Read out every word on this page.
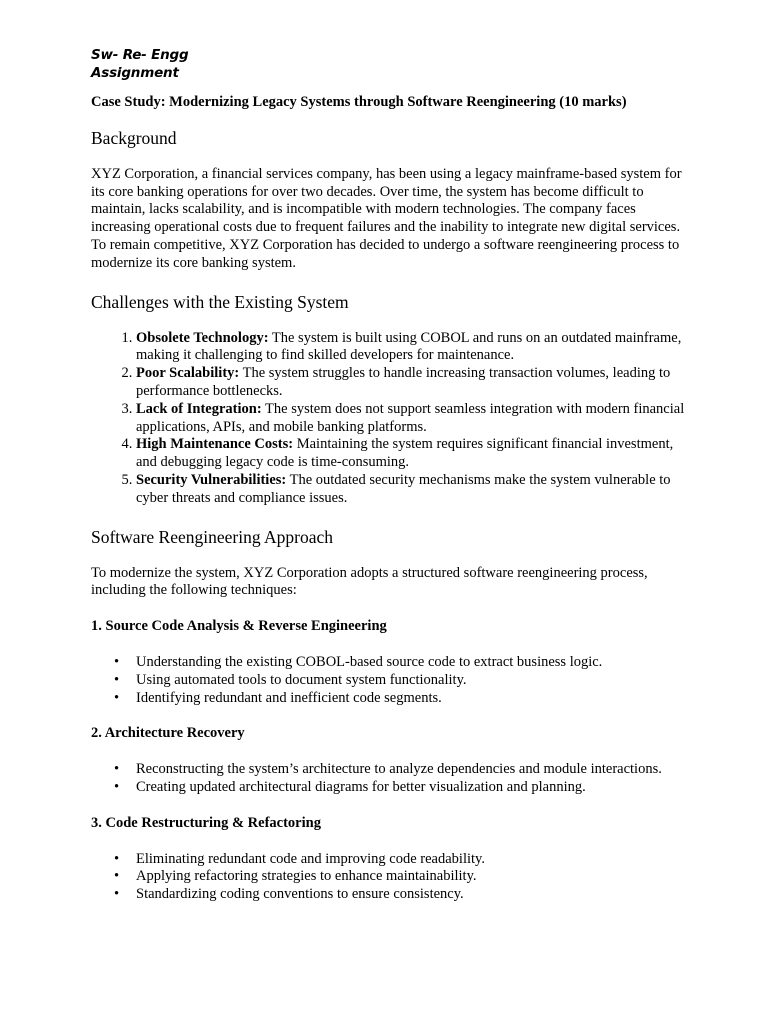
Sw- Re- Engg
Assignment
Case Study: Modernizing Legacy Systems through Software Reengineering (10 marks)
Background

XYZ Corporation, a financial services company, has been using a legacy mainframe-based system for its core banking operations for over two decades. Over time, the system has become difficult to maintain, lacks scalability, and is incompatible with modern technologies. The company faces increasing operational costs due to frequent failures and the inability to integrate new digital services. To remain competitive, XYZ Corporation has decided to undergo a software reengineering process to modernize its core banking system.

Challenges with the Existing System
1. Obsolete Technology: The system is built using COBOL and runs on an outdated mainframe, making it challenging to find skilled developers for maintenance.
2. Poor Scalability: The system struggles to handle increasing transaction volumes, leading to performance bottlenecks.
3. Lack of Integration: The system does not support seamless integration with modern financial applications, APIs, and mobile banking platforms.
4. High Maintenance Costs: Maintaining the system requires significant financial investment, and debugging legacy code is time-consuming.
5. Security Vulnerabilities: The outdated security mechanisms make the system vulnerable to cyber threats and compliance issues.
Software Reengineering Approach

To modernize the system, XYZ Corporation adopts a structured software reengineering process, including the following techniques:

1. Source Code Analysis & Reverse Engineering
• Understanding the existing COBOL-based source code to extract business logic.
• Using automated tools to document system functionality.
• Identifying redundant and inefficient code segments.
2. Architecture Recovery
• Reconstructing the system’s architecture to analyze dependencies and module interactions.
• Creating updated architectural diagrams for better visualization and planning.
3. Code Restructuring & Refactoring
• Eliminating redundant code and improving code readability.
• Applying refactoring strategies to enhance maintainability.
• Standardizing coding conventions to ensure consistency.
